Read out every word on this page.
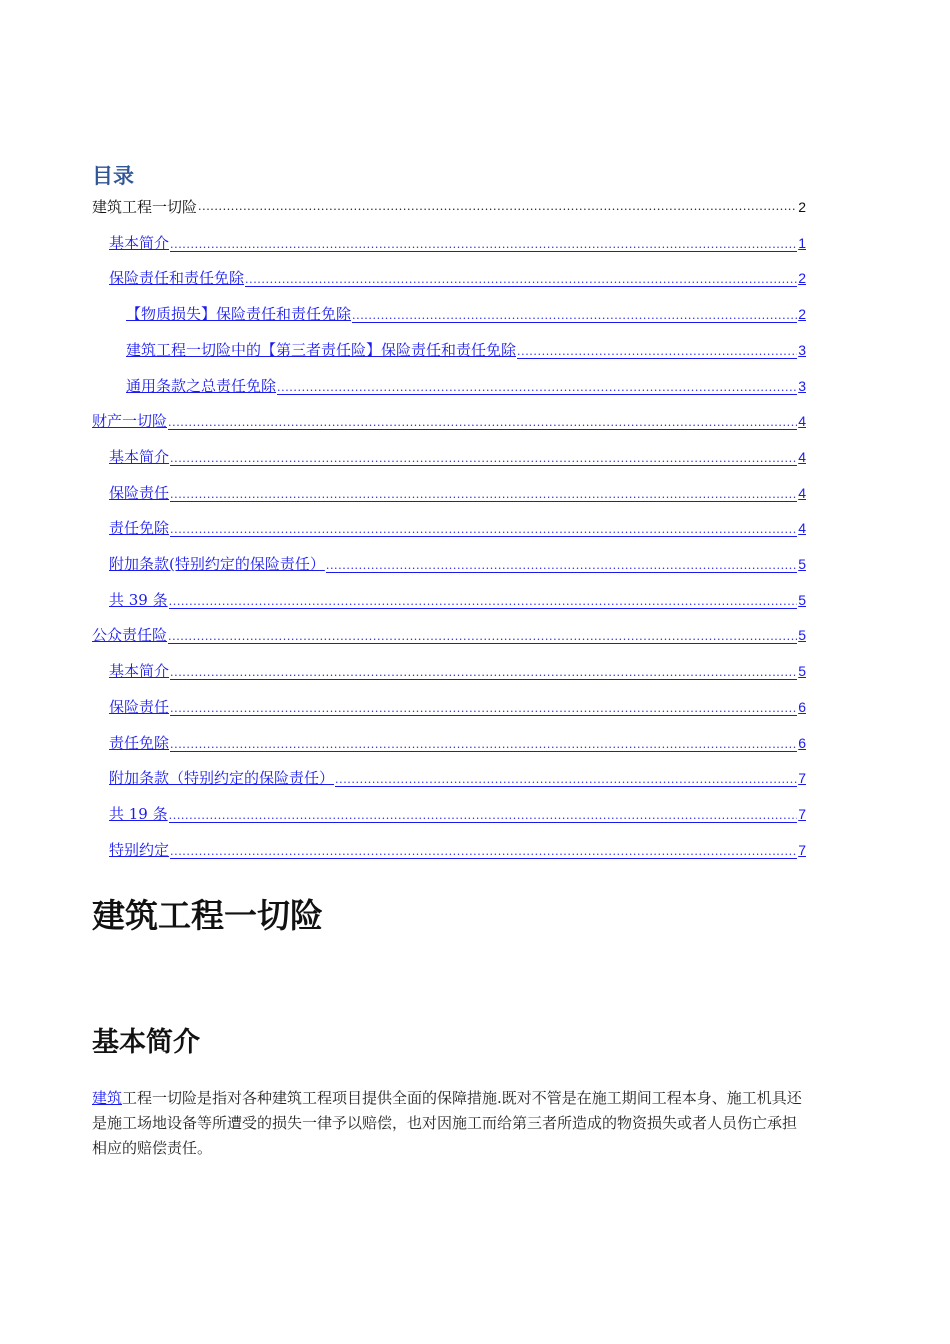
目录
建筑工程一切险 .....	2
基本简介 .....	1
保险责任和责任免除 .....	2
【物质损失】保险责任和责任免除 .....	2
建筑工程一切险中的【第三者责任险】保险责任和责任免除 .....	3
通用条款之总责任免除 .....	3
财产一切险 .....	4
基本简介 .....	4
保险责任 .....	4
责任免除 .....	4
附加条款(特别约定的保险责任） .....	5
共 39 条 .....	5
公众责任险 .....	5
基本简介 .....	5
保险责任 .....	6
责任免除 .....	6
附加条款（特别约定的保险责任） .....	7
共 19 条 .....	7
特别约定 .....	7
建筑工程一切险
基本简介
建筑工程一切险是指对各种建筑工程项目提供全面的保障措施.既对不管是在施工期间工程本身、施工机具还是施工场地设备等所遭受的损失一律予以赔偿，也对因施工而给第三者所造成的物资损失或者人员伤亡承担相应的赔偿责任。
